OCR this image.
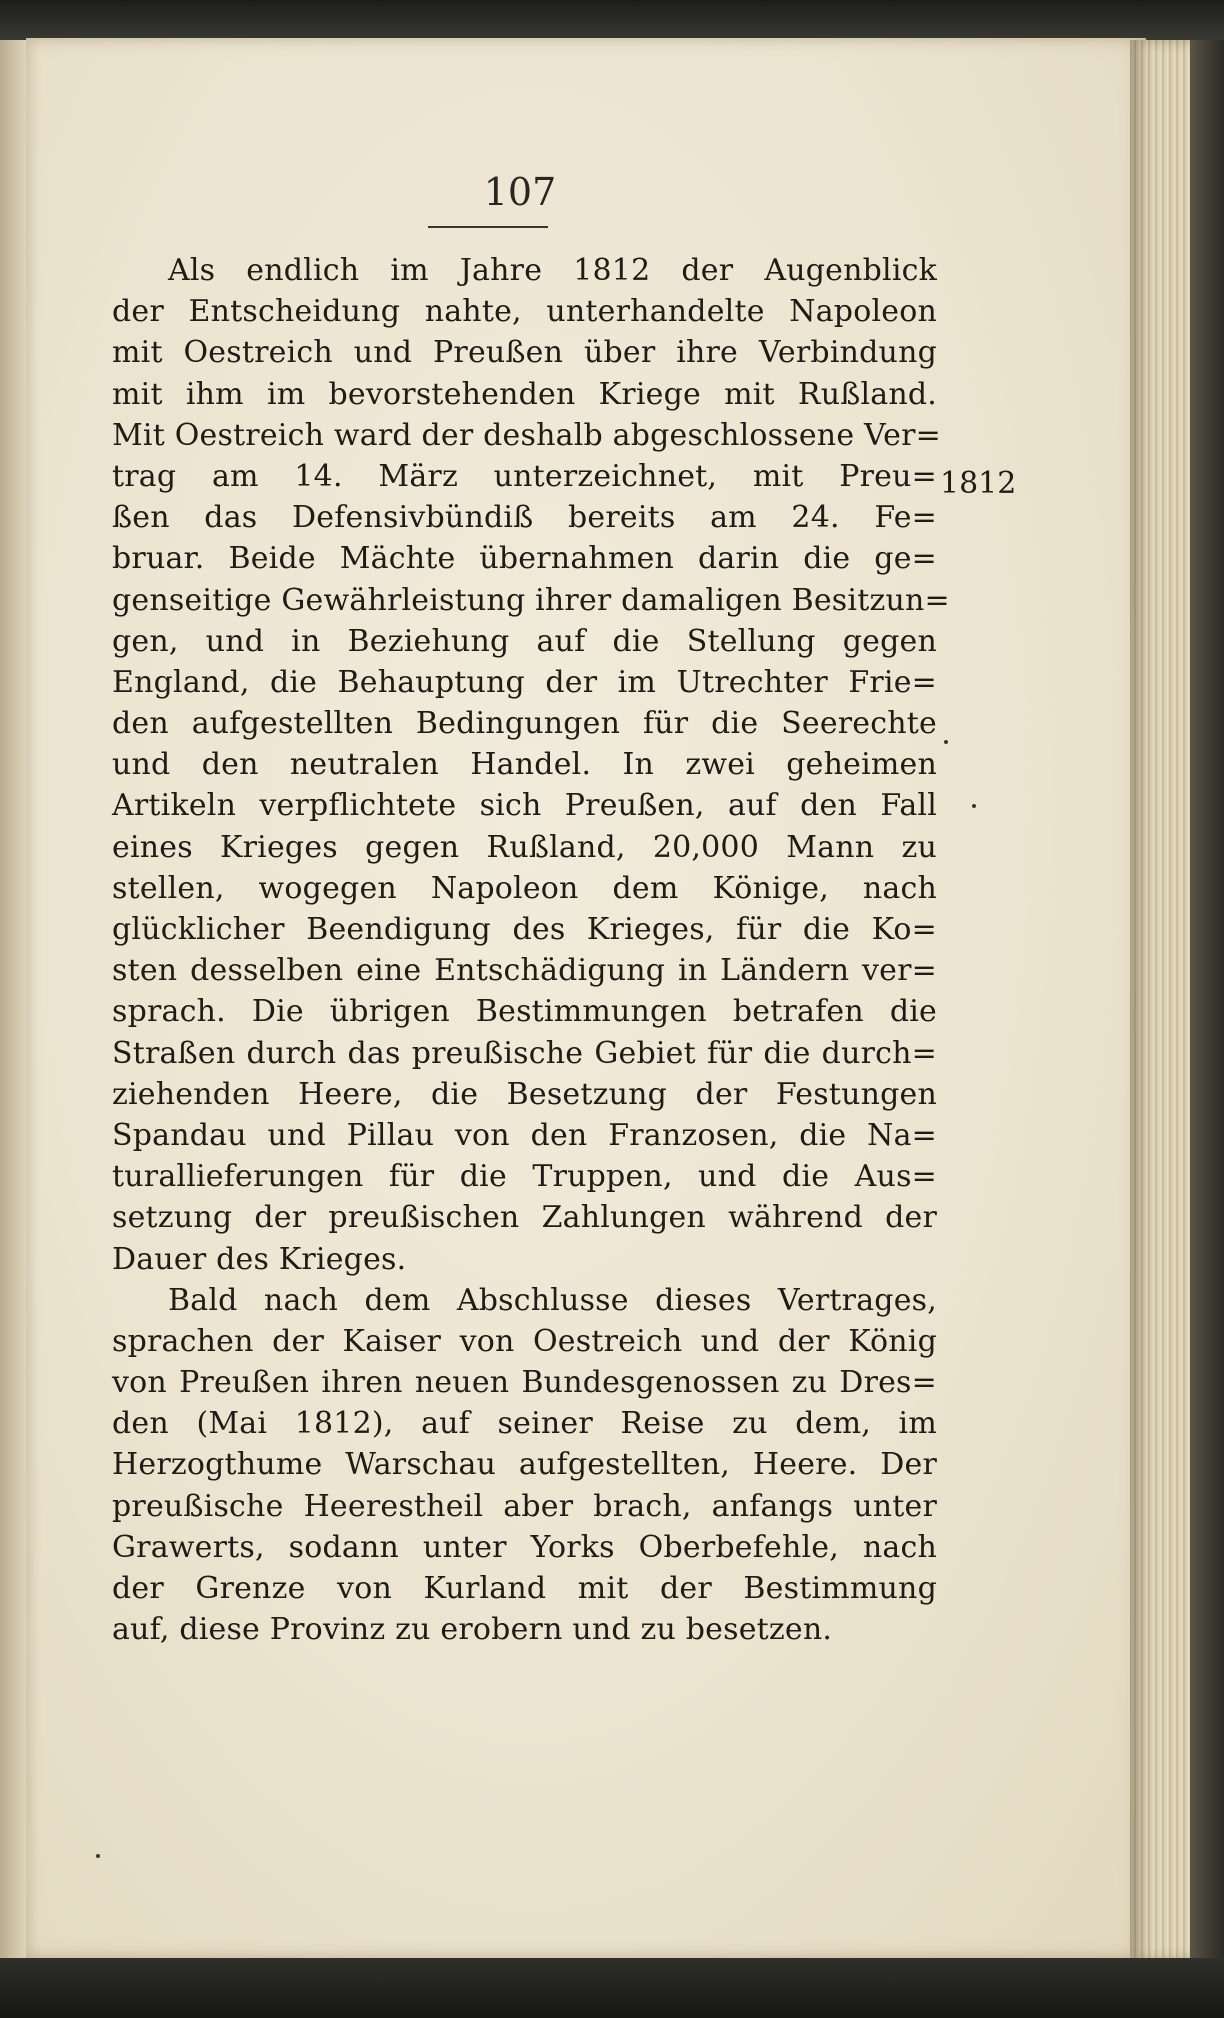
107
Als endlich im Jahre 1812 der Augenblick
der Entscheidung nahte, unterhandelte Napoleon
mit Oestreich und Preußen über ihre Verbindung
mit ihm im bevorstehenden Kriege mit Rußland.
Mit Oestreich ward der deshalb abgeschlossene Ver=
trag am 14. März unterzeichnet, mit Preu=
ßen das Defensivbündiß bereits am 24. Fe=
bruar. Beide Mächte übernahmen darin die ge=
genseitige Gewährleistung ihrer damaligen Besitzun=
gen, und in Beziehung auf die Stellung gegen
England, die Behauptung der im Utrechter Frie=
den aufgestellten Bedingungen für die Seerechte
und den neutralen Handel. In zwei geheimen
Artikeln verpflichtete sich Preußen, auf den Fall
eines Krieges gegen Rußland, 20,000 Mann zu
stellen, wogegen Napoleon dem Könige, nach
glücklicher Beendigung des Krieges, für die Ko=
sten desselben eine Entschädigung in Ländern ver=
sprach. Die übrigen Bestimmungen betrafen die
Straßen durch das preußische Gebiet für die durch=
ziehenden Heere, die Besetzung der Festungen
Spandau und Pillau von den Franzosen, die Na=
turallieferungen für die Truppen, und die Aus=
setzung der preußischen Zahlungen während der
Dauer des Krieges.
Bald nach dem Abschlusse dieses Vertrages,
sprachen der Kaiser von Oestreich und der König
von Preußen ihren neuen Bundesgenossen zu Dres=
den (Mai 1812), auf seiner Reise zu dem, im
Herzogthume Warschau aufgestellten, Heere. Der
preußische Heerestheil aber brach, anfangs unter
Grawerts, sodann unter Yorks Oberbefehle, nach
der Grenze von Kurland mit der Bestimmung
auf, diese Provinz zu erobern und zu besetzen.
1812
